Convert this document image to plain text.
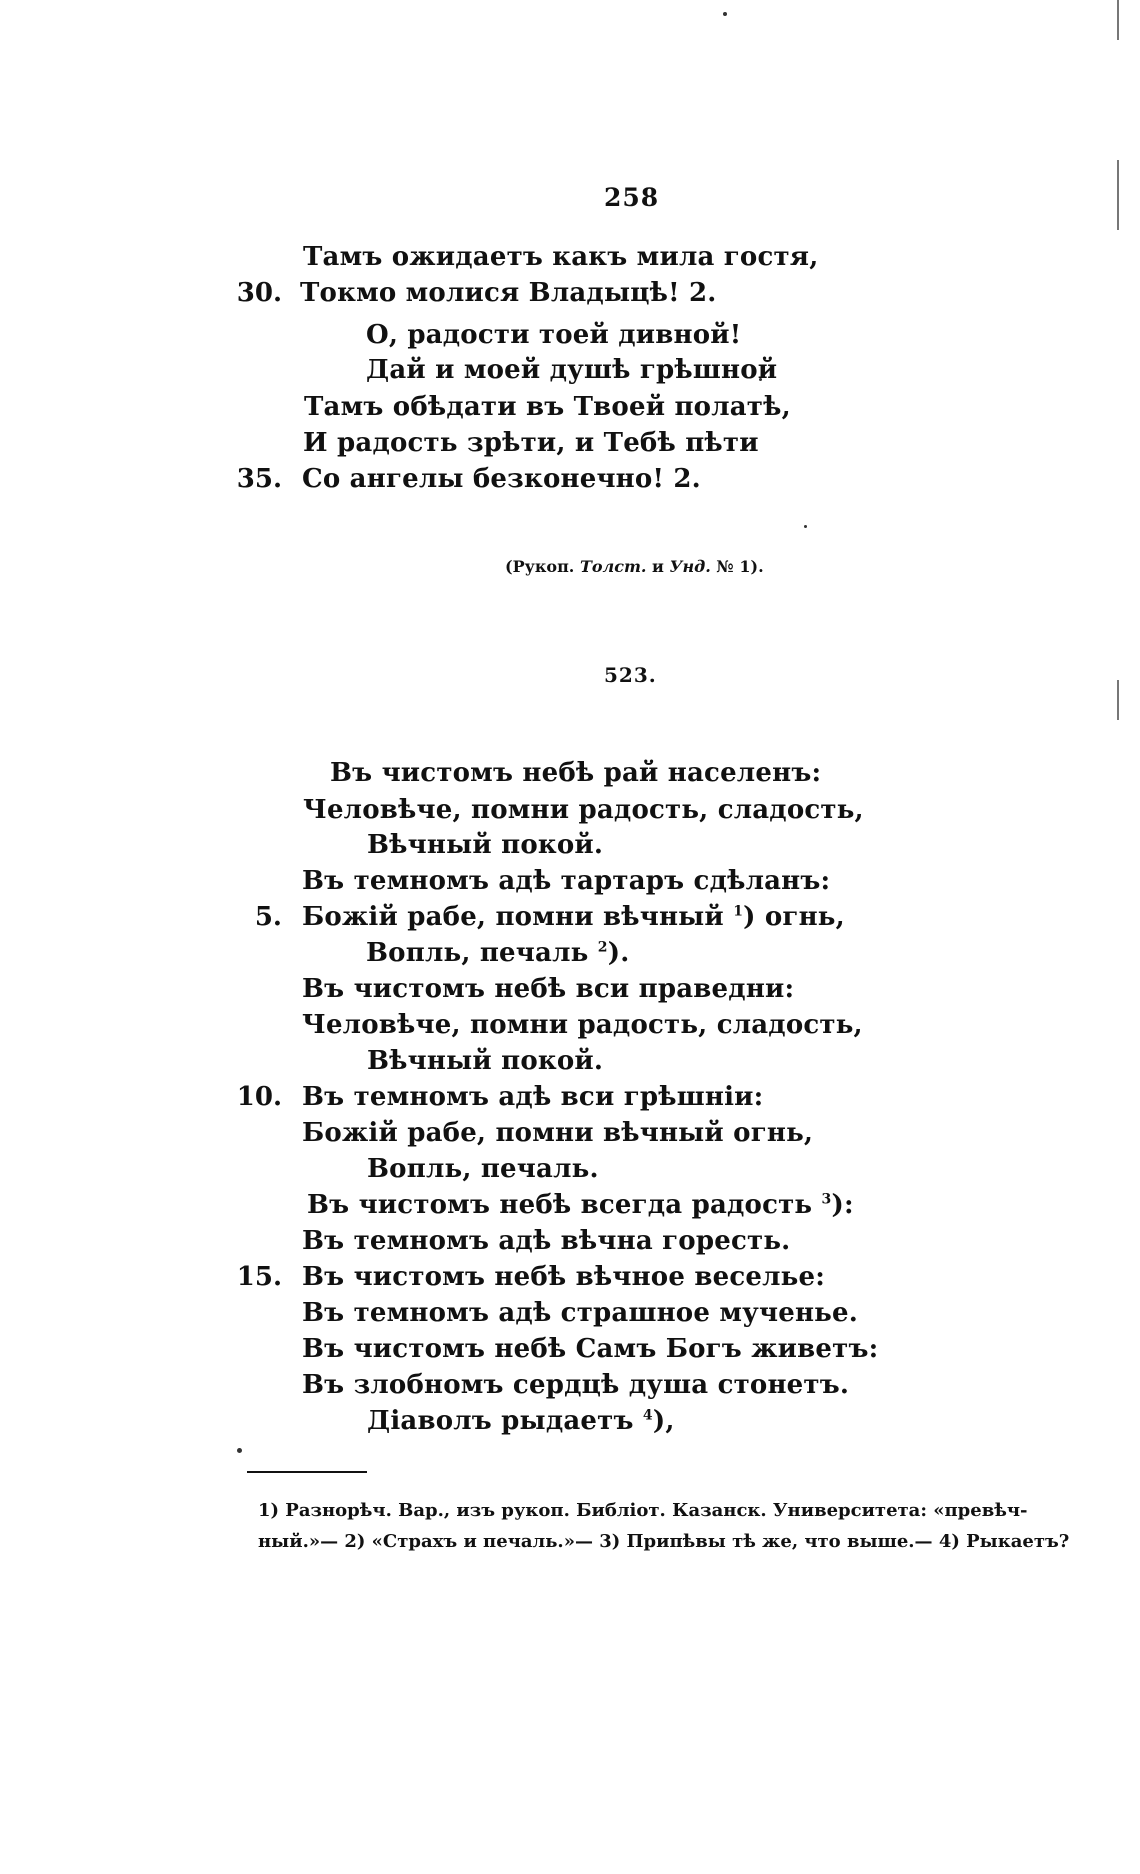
258
Тамъ ожидаетъ какъ мила гостя,
30. Токмо молися Владыцѣ! 2.
О, радости тоей дивной!
Дай и моей душѣ грѣшной
Тамъ обѣдати въ Твоей полатѣ,
И радость зрѣти, и Тебѣ пѣти
35. Со ангелы безконечно! 2.
(Рукоп. Толст. и Унд. № 1).
523.
Въ чистомъ небѣ рай населенъ:
Человѣче, помни радость, сладость,
Вѣчный покой.
Въ темномъ адѣ тартаръ сдѣланъ:
5. Божій рабе, помни вѣчный $^1$) огнь,
Вопль, печаль $^2$).
Въ чистомъ небѣ вси праведни:
Человѣче, помни радость, сладость,
Вѣчный покой.
10. Въ темномъ адѣ вси грѣшніи:
Божій рабе, помни вѣчный огнь,
Вопль, печаль.
Въ чистомъ небѣ всегда радость $^3$):
Въ темномъ адѣ вѣчна горесть.
15. Въ чистомъ небѣ вѣчное веселье:
Въ темномъ адѣ страшное мученье.
Въ чистомъ небѣ Самъ Богъ живетъ:
Въ злобномъ сердцѣ душа стонетъ.
Діаволъ рыдаетъ $^4$),
1) Разнорѣч. Вар., изъ рукоп. Библіот. Казанск. Университета: «превѣч-
ный.»— 2) «Страхъ и печаль.»— 3) Припѣвы тѣ же, что выше.— 4) Рыкаетъ?
